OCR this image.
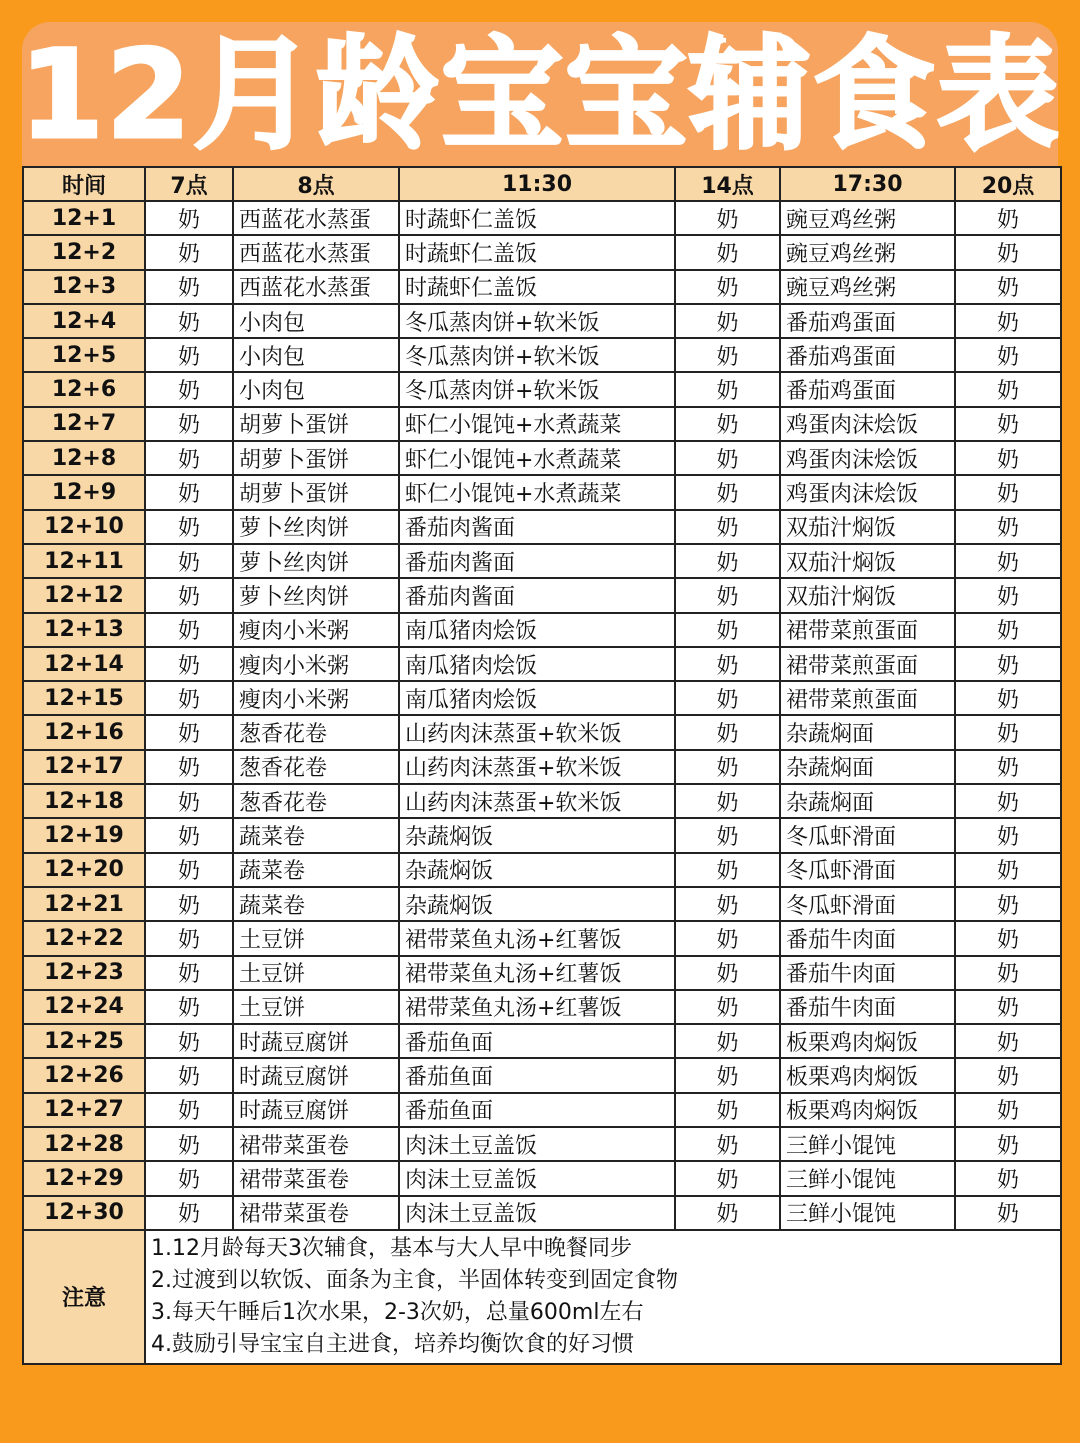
12月龄宝宝辅食表
时间	7点	8点	11:30	14点	17:30	20点
12+1	奶	西蓝花水蒸蛋	时蔬虾仁盖饭	奶	豌豆鸡丝粥	奶
12+2	奶	西蓝花水蒸蛋	时蔬虾仁盖饭	奶	豌豆鸡丝粥	奶
12+3	奶	西蓝花水蒸蛋	时蔬虾仁盖饭	奶	豌豆鸡丝粥	奶
12+4	奶	小肉包	冬瓜蒸肉饼+软米饭	奶	番茄鸡蛋面	奶
12+5	奶	小肉包	冬瓜蒸肉饼+软米饭	奶	番茄鸡蛋面	奶
12+6	奶	小肉包	冬瓜蒸肉饼+软米饭	奶	番茄鸡蛋面	奶
12+7	奶	胡萝卜蛋饼	虾仁小馄饨+水煮蔬菜	奶	鸡蛋肉沫烩饭	奶
12+8	奶	胡萝卜蛋饼	虾仁小馄饨+水煮蔬菜	奶	鸡蛋肉沫烩饭	奶
12+9	奶	胡萝卜蛋饼	虾仁小馄饨+水煮蔬菜	奶	鸡蛋肉沫烩饭	奶
12+10	奶	萝卜丝肉饼	番茄肉酱面	奶	双茄汁焖饭	奶
12+11	奶	萝卜丝肉饼	番茄肉酱面	奶	双茄汁焖饭	奶
12+12	奶	萝卜丝肉饼	番茄肉酱面	奶	双茄汁焖饭	奶
12+13	奶	瘦肉小米粥	南瓜猪肉烩饭	奶	裙带菜煎蛋面	奶
12+14	奶	瘦肉小米粥	南瓜猪肉烩饭	奶	裙带菜煎蛋面	奶
12+15	奶	瘦肉小米粥	南瓜猪肉烩饭	奶	裙带菜煎蛋面	奶
12+16	奶	葱香花卷	山药肉沫蒸蛋+软米饭	奶	杂蔬焖面	奶
12+17	奶	葱香花卷	山药肉沫蒸蛋+软米饭	奶	杂蔬焖面	奶
12+18	奶	葱香花卷	山药肉沫蒸蛋+软米饭	奶	杂蔬焖面	奶
12+19	奶	蔬菜卷	杂蔬焖饭	奶	冬瓜虾滑面	奶
12+20	奶	蔬菜卷	杂蔬焖饭	奶	冬瓜虾滑面	奶
12+21	奶	蔬菜卷	杂蔬焖饭	奶	冬瓜虾滑面	奶
12+22	奶	土豆饼	裙带菜鱼丸汤+红薯饭	奶	番茄牛肉面	奶
12+23	奶	土豆饼	裙带菜鱼丸汤+红薯饭	奶	番茄牛肉面	奶
12+24	奶	土豆饼	裙带菜鱼丸汤+红薯饭	奶	番茄牛肉面	奶
12+25	奶	时蔬豆腐饼	番茄鱼面	奶	板栗鸡肉焖饭	奶
12+26	奶	时蔬豆腐饼	番茄鱼面	奶	板栗鸡肉焖饭	奶
12+27	奶	时蔬豆腐饼	番茄鱼面	奶	板栗鸡肉焖饭	奶
12+28	奶	裙带菜蛋卷	肉沫土豆盖饭	奶	三鲜小馄饨	奶
12+29	奶	裙带菜蛋卷	肉沫土豆盖饭	奶	三鲜小馄饨	奶
12+30	奶	裙带菜蛋卷	肉沫土豆盖饭	奶	三鲜小馄饨	奶
注意	1.12月龄每天3次辅食，基本与大人早中晚餐同步
2.过渡到以软饭、面条为主食，半固体转变到固定食物
3.每天午睡后1次水果，2-3次奶，总量600ml左右
4.鼓励引导宝宝自主进食，培养均衡饮食的好习惯					
